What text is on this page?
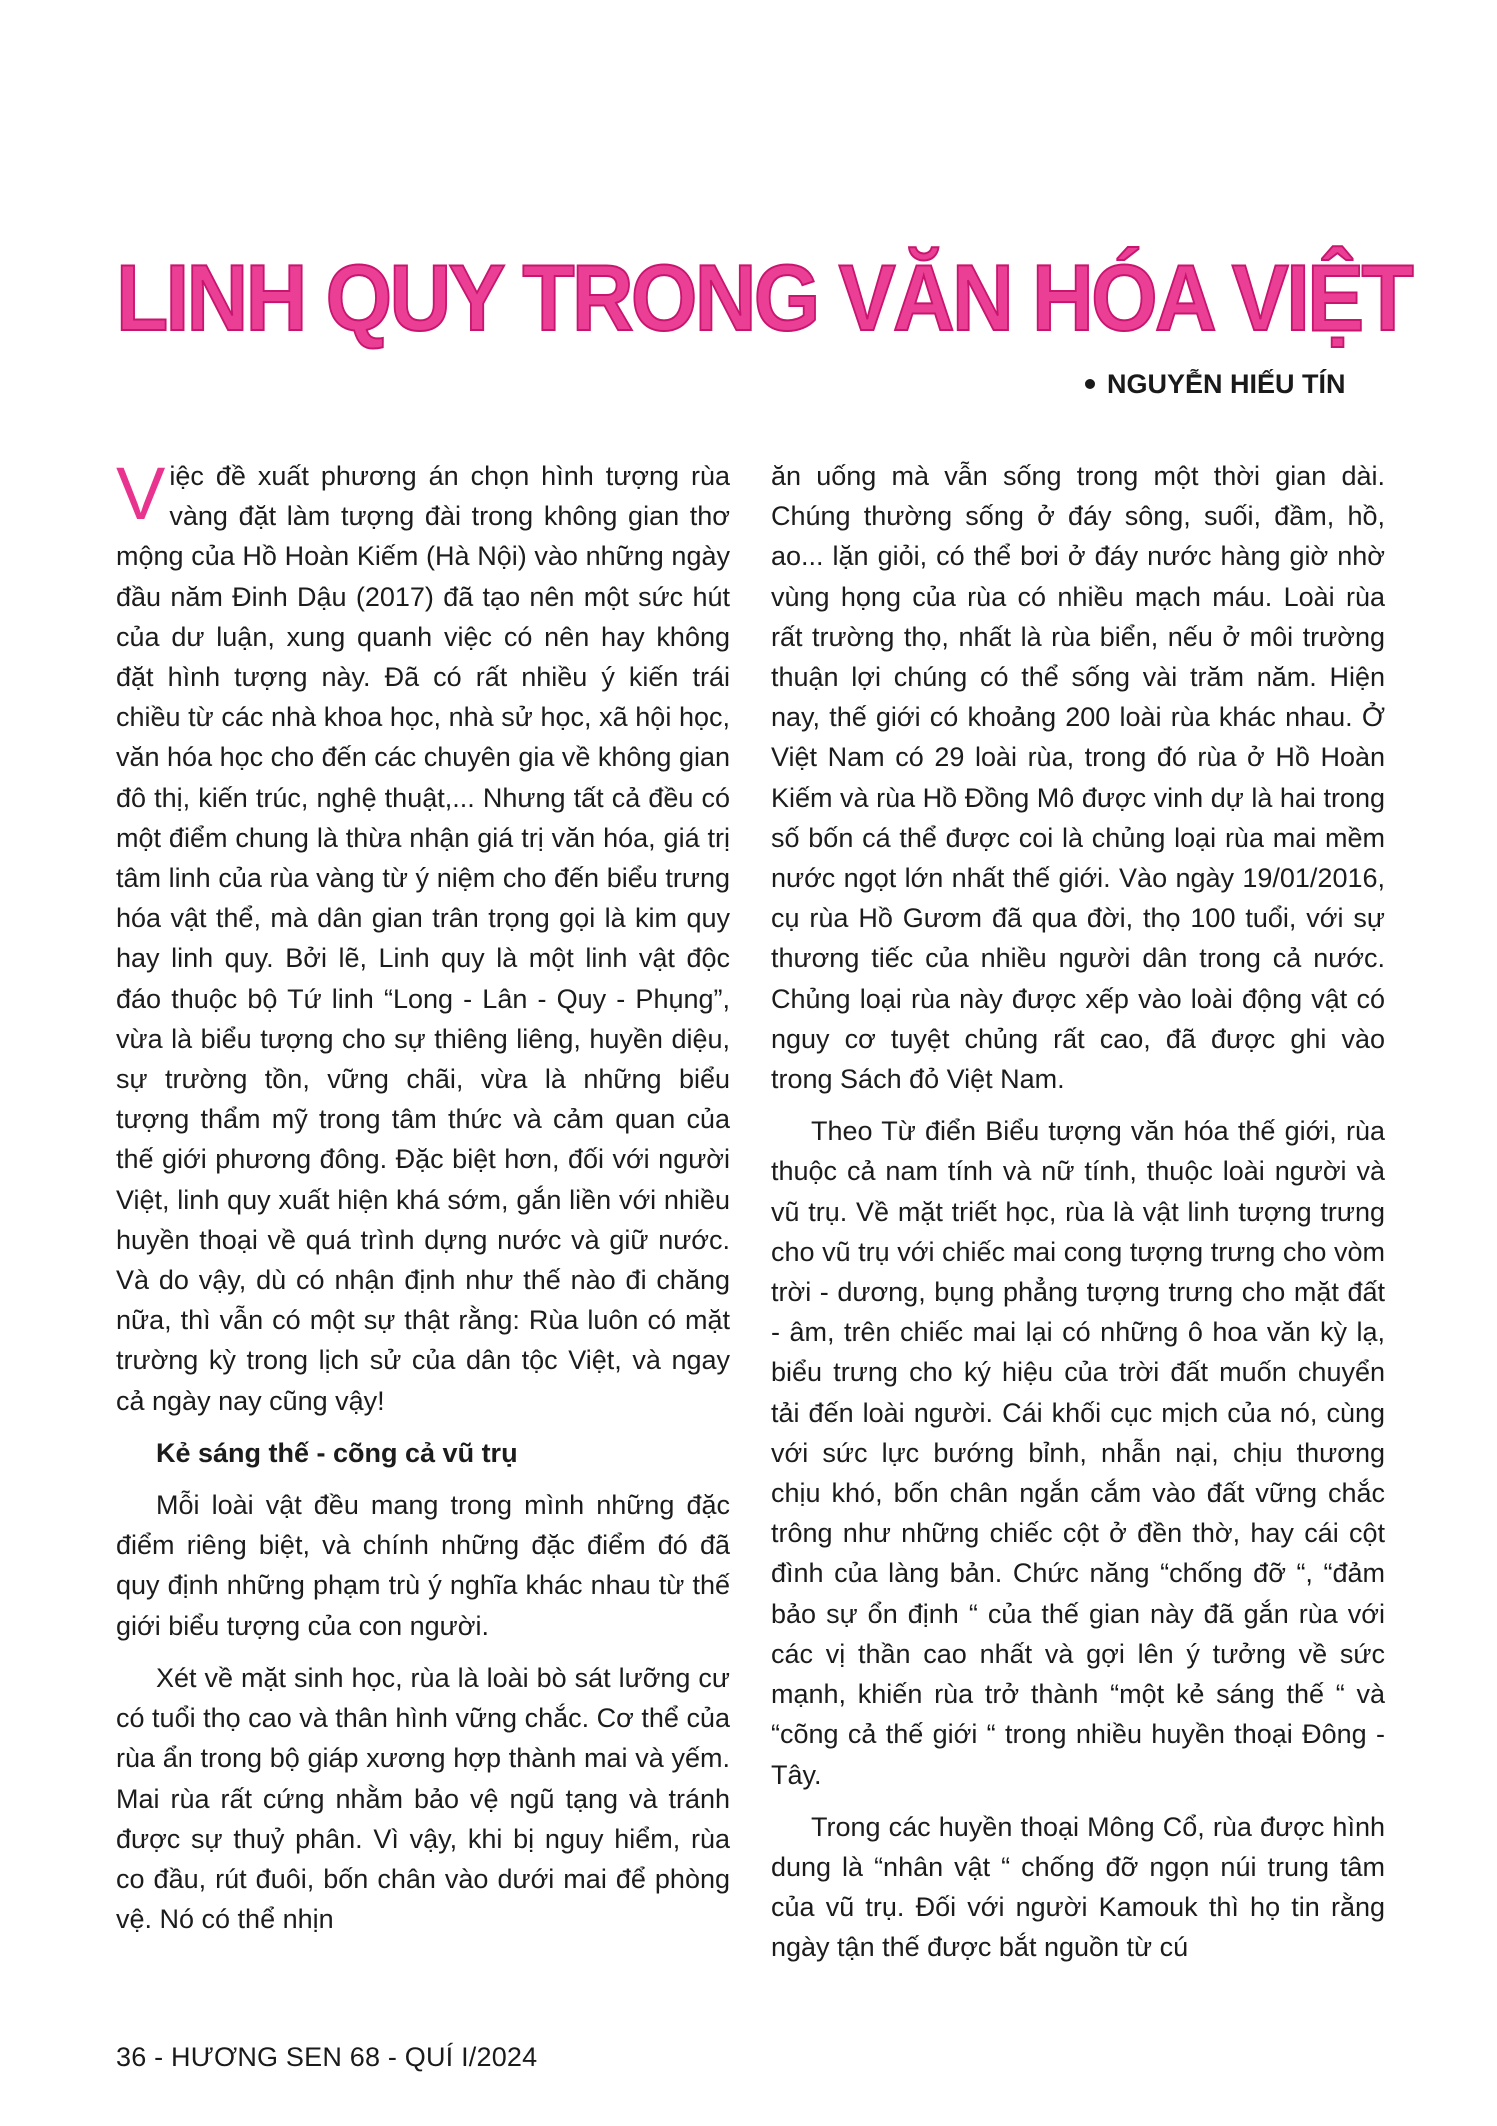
LINH QUY TRONG VĂN HÓA VIỆT
NGUYỄN HIẾU TÍN

Việc đề xuất phương án chọn hình tượng rùa vàng đặt làm tượng đài trong không gian thơ mộng của Hồ Hoàn Kiếm (Hà Nội) vào những ngày đầu năm Đinh Dậu (2017) đã tạo nên một sức hút của dư luận, xung quanh việc có nên hay không đặt hình tượng này. Đã có rất nhiều ý kiến trái chiều từ các nhà khoa học, nhà sử học, xã hội học, văn hóa học cho đến các chuyên gia về không gian đô thị, kiến trúc, nghệ thuật,... Nhưng tất cả đều có một điểm chung là thừa nhận giá trị văn hóa, giá trị tâm linh của rùa vàng từ ý niệm cho đến biểu trưng hóa vật thể, mà dân gian trân trọng gọi là kim quy hay linh quy. Bởi lẽ, Linh quy là một linh vật độc đáo thuộc bộ Tứ linh “Long - Lân - Quy - Phụng”, vừa là biểu tượng cho sự thiêng liêng, huyền diệu, sự trường tồn, vững chãi, vừa là những biểu tượng thẩm mỹ trong tâm thức và cảm quan của thế giới phương đông. Đặc biệt hơn, đối với người Việt, linh quy xuất hiện khá sớm, gắn liền với nhiều huyền thoại về quá trình dựng nước và giữ nước. Và do vậy, dù có nhận định như thế nào đi chăng nữa, thì vẫn có một sự thật rằng: Rùa luôn có mặt trường kỳ trong lịch sử của dân tộc Việt, và ngay cả ngày nay cũng vậy!

Kẻ sáng thế - cõng cả vũ trụ

Mỗi loài vật đều mang trong mình những đặc điểm riêng biệt, và chính những đặc điểm đó đã quy định những phạm trù ý nghĩa khác nhau từ thế giới biểu tượng của con người.

Xét về mặt sinh học, rùa là loài bò sát lưỡng cư có tuổi thọ cao và thân hình vững chắc. Cơ thể của rùa ẩn trong bộ giáp xương hợp thành mai và yếm. Mai rùa rất cứng nhằm bảo vệ ngũ tạng và tránh được sự thuỷ phân. Vì vậy, khi bị nguy hiểm, rùa co đầu, rút đuôi, bốn chân vào dưới mai để phòng vệ. Nó có thể nhịn

ăn uống mà vẫn sống trong một thời gian dài. Chúng thường sống ở đáy sông, suối, đầm, hồ, ao... lặn giỏi, có thể bơi ở đáy nước hàng giờ nhờ vùng họng của rùa có nhiều mạch máu. Loài rùa rất trường thọ, nhất là rùa biển, nếu ở môi trường thuận lợi chúng có thể sống vài trăm năm. Hiện nay, thế giới có khoảng 200 loài rùa khác nhau. Ở Việt Nam có 29 loài rùa, trong đó rùa ở Hồ Hoàn Kiếm và rùa Hồ Đồng Mô được vinh dự là hai trong số bốn cá thể được coi là chủng loại rùa mai mềm nước ngọt lớn nhất thế giới. Vào ngày 19/01/2016, cụ rùa Hồ Gươm đã qua đời, thọ 100 tuổi, với sự thương tiếc của nhiều người dân trong cả nước. Chủng loại rùa này được xếp vào loài động vật có nguy cơ tuyệt chủng rất cao, đã được ghi vào trong Sách đỏ Việt Nam.

Theo Từ điển Biểu tượng văn hóa thế giới, rùa thuộc cả nam tính và nữ tính, thuộc loài người và vũ trụ. Về mặt triết học, rùa là vật linh tượng trưng cho vũ trụ với chiếc mai cong tượng trưng cho vòm trời - dương, bụng phẳng tượng trưng cho mặt đất - âm, trên chiếc mai lại có những ô hoa văn kỳ lạ, biểu trưng cho ký hiệu của trời đất muốn chuyển tải đến loài người. Cái khối cục mịch của nó, cùng với sức lực bướng bỉnh, nhẫn nại, chịu thương chịu khó, bốn chân ngắn cắm vào đất vững chắc trông như những chiếc cột ở đền thờ, hay cái cột đình của làng bản. Chức năng “chống đỡ “, “đảm bảo sự ổn định “ của thế gian này đã gắn rùa với các vị thần cao nhất và gợi lên ý tưởng về sức mạnh, khiến rùa trở thành “một kẻ sáng thế “ và “cõng cả thế giới “ trong nhiều huyền thoại Đông - Tây.

Trong các huyền thoại Mông Cổ, rùa được hình dung là “nhân vật “ chống đỡ ngọn núi trung tâm của vũ trụ. Đối với người Kamouk thì họ tin rằng ngày tận thế được bắt nguồn từ cú

36 - HƯƠNG SEN 68 - QUÍ I/2024
